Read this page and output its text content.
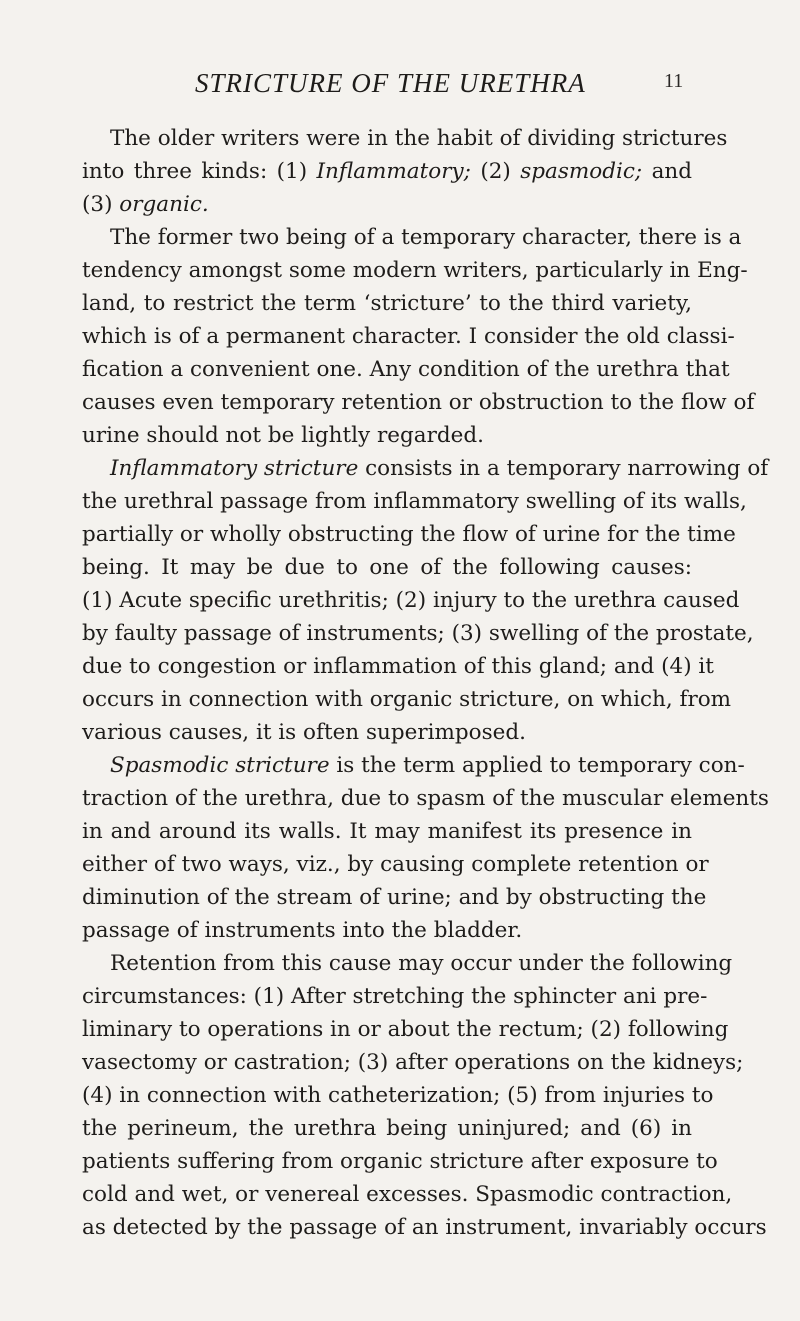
STRICTURE OF THE URETHRA	11
The older writers were in the habit of dividing strictures
into three kinds: (1) Inflammatory; (2) spasmodic; and
(3) organic.
The former two being of a temporary character, there is a
tendency amongst some modern writers, particularly in Eng-
land, to restrict the term ‘stricture’ to the third variety,
which is of a permanent character. I consider the old classi-
fication a convenient one. Any condition of the urethra that
causes even temporary retention or obstruction to the flow of
urine should not be lightly regarded.
Inflammatory stricture consists in a temporary narrowing of
the urethral passage from inflammatory swelling of its walls,
partially or wholly obstructing the flow of urine for the time
being. It may be due to one of the following causes:
(1) Acute specific urethritis; (2) injury to the urethra caused
by faulty passage of instruments; (3) swelling of the prostate,
due to congestion or inflammation of this gland; and (4) it
occurs in connection with organic stricture, on which, from
various causes, it is often superimposed.
Spasmodic stricture is the term applied to temporary con-
traction of the urethra, due to spasm of the muscular elements
in and around its walls. It may manifest its presence in
either of two ways, viz., by causing complete retention or
diminution of the stream of urine; and by obstructing the
passage of instruments into the bladder.
Retention from this cause may occur under the following
circumstances: (1) After stretching the sphincter ani pre-
liminary to operations in or about the rectum; (2) following
vasectomy or castration; (3) after operations on the kidneys;
(4) in connection with catheterization; (5) from injuries to
the perineum, the urethra being uninjured; and (6) in
patients suffering from organic stricture after exposure to
cold and wet, or venereal excesses. Spasmodic contraction,
as detected by the passage of an instrument, invariably occurs
